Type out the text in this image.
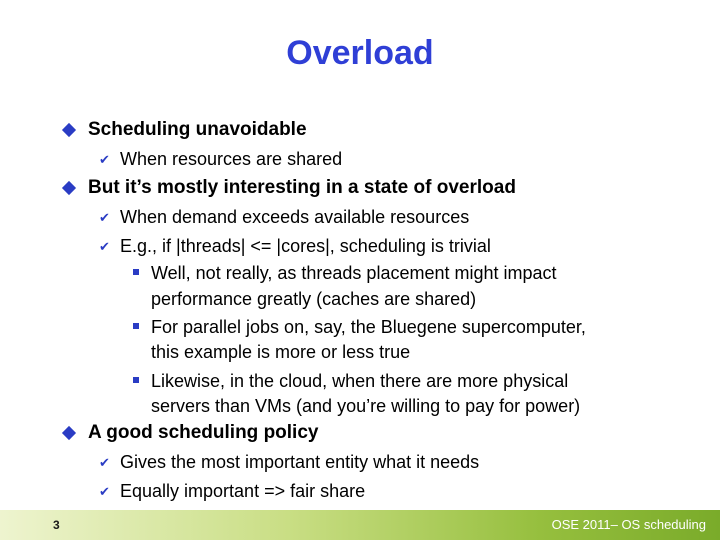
Overload
Scheduling unavoidable
✔ When resources are shared
But it’s mostly interesting in a state of overload
✔ When demand exceeds available resources
✔ E.g., if |threads| <= |cores|, scheduling is trivial
Well, not really, as threads placement might impact
performance greatly (caches are shared)
For parallel jobs on, say, the Bluegene supercomputer,
this example is more or less true
Likewise, in the cloud, when there are more physical
servers than VMs (and you’re willing to pay for power)
A good scheduling policy
✔ Gives the most important entity what it needs
✔ Equally important => fair share
3	OSE 2011– OS scheduling
